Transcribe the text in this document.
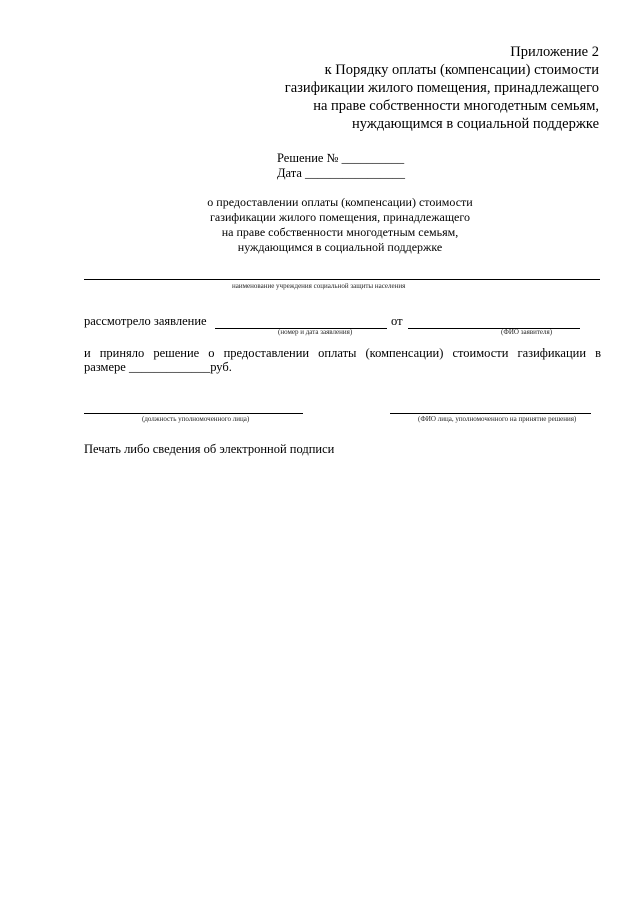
Приложение 2
к Порядку оплаты (компенсации) стоимости
газификации жилого помещения, принадлежащего
на праве собственности многодетным семьям,
нуждающимся в социальной поддержке
Решение № __________
Дата ________________
о предоставлении оплаты (компенсации) стоимости
газификации жилого помещения, принадлежащего
на праве собственности многодетным семьям,
нуждающимся в социальной поддержке
наименование учреждения социальной защиты населения
рассмотрело заявление	от
(номер и дата заявления)	(ФИО заявителя)
и приняло решение о предоставлении оплаты (компенсации) стоимости газификации в
размере _____________руб.
(должность уполномоченного лица)	(ФИО лица, уполномоченного на принятие решения)
Печать либо сведения об электронной подписи
